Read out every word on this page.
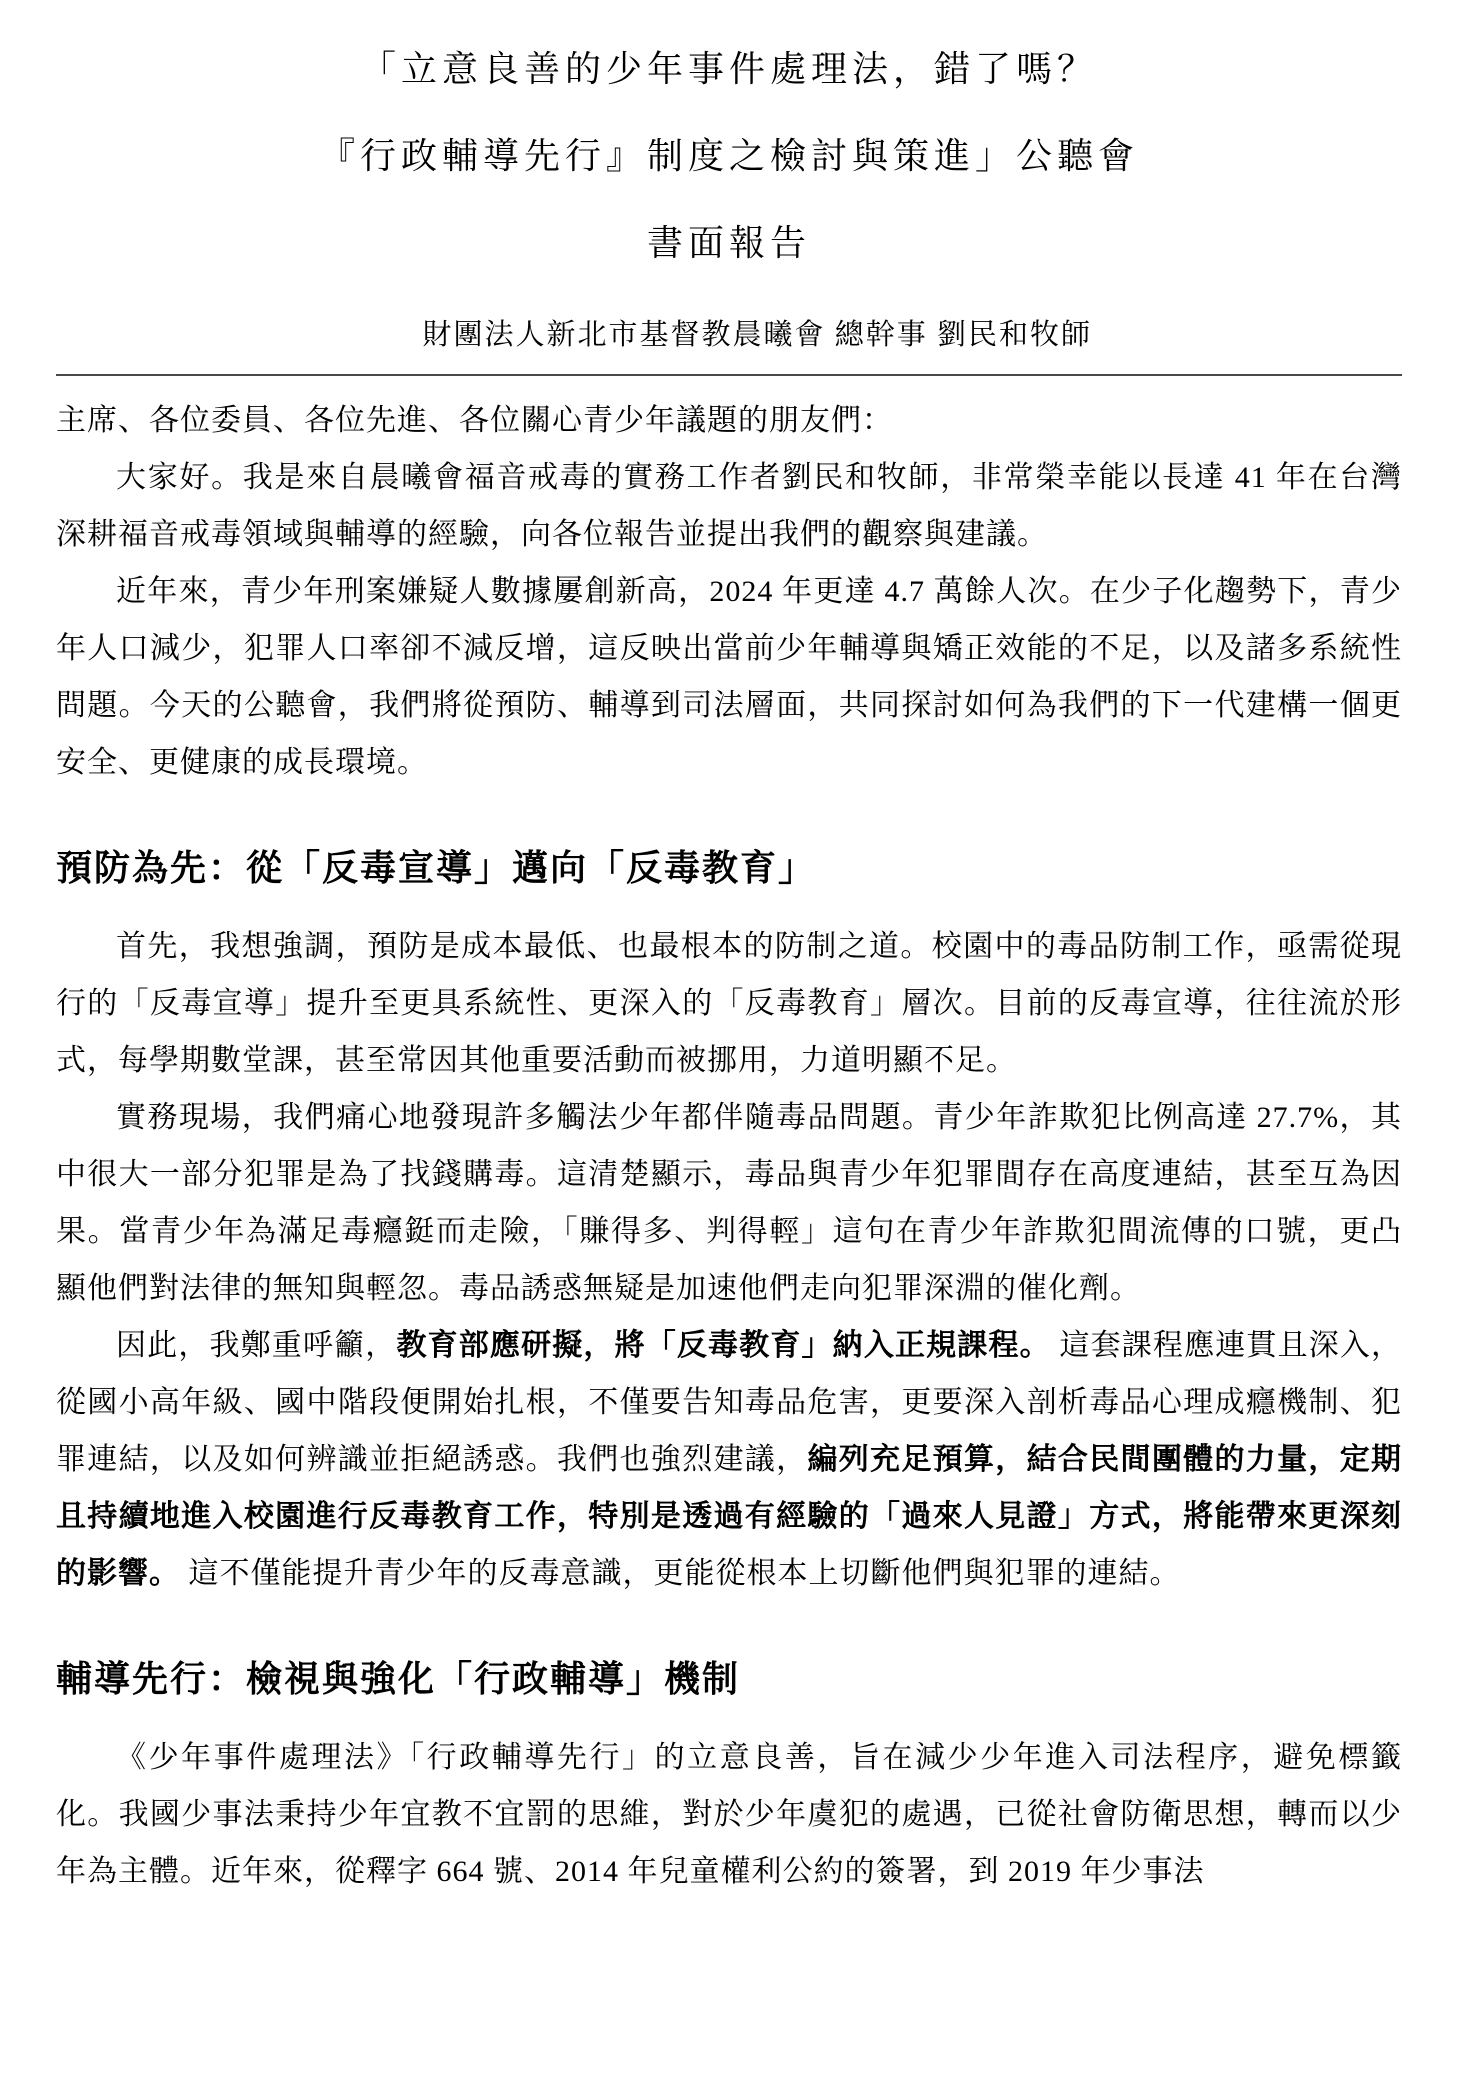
「立意良善的少年事件處理法，錯了嗎？
『行政輔導先行』制度之檢討與策進」公聽會
書面報告
財團法人新北市基督教晨曦會 總幹事 劉民和牧師

主席、各位委員、各位先進、各位關心青少年議題的朋友們：

大家好。我是來自晨曦會福音戒毒的實務工作者劉民和牧師，非常榮幸能以長達 41 年在台灣深耕福音戒毒領域與輔導的經驗，向各位報告並提出我們的觀察與建議。

近年來，青少年刑案嫌疑人數據屢創新高，2024 年更達 4.7 萬餘人次。在少子化趨勢下，青少年人口減少，犯罪人口率卻不減反增，這反映出當前少年輔導與矯正效能的不足，以及諸多系統性問題。今天的公聽會，我們將從預防、輔導到司法層面，共同探討如何為我們的下一代建構一個更安全、更健康的成長環境。

預防為先：從「反毒宣導」邁向「反毒教育」

首先，我想強調，預防是成本最低、也最根本的防制之道。校園中的毒品防制工作，亟需從現行的「反毒宣導」提升至更具系統性、更深入的「反毒教育」層次。目前的反毒宣導，往往流於形式，每學期數堂課，甚至常因其他重要活動而被挪用，力道明顯不足。

實務現場，我們痛心地發現許多觸法少年都伴隨毒品問題。青少年詐欺犯比例高達 27.7%，其中很大一部分犯罪是為了找錢購毒。這清楚顯示，毒品與青少年犯罪間存在高度連結，甚至互為因果。當青少年為滿足毒癮鋌而走險，「賺得多、判得輕」這句在青少年詐欺犯間流傳的口號，更凸顯他們對法律的無知與輕忽。毒品誘惑無疑是加速他們走向犯罪深淵的催化劑。

因此，我鄭重呼籲，教育部應研擬，將「反毒教育」納入正規課程。 這套課程應連貫且深入，從國小高年級、國中階段便開始扎根，不僅要告知毒品危害，更要深入剖析毒品心理成癮機制、犯罪連結，以及如何辨識並拒絕誘惑。我們也強烈建議，編列充足預算，結合民間團體的力量，定期且持續地進入校園進行反毒教育工作，特別是透過有經驗的「過來人見證」方式，將能帶來更深刻的影響。 這不僅能提升青少年的反毒意識，更能從根本上切斷他們與犯罪的連結。

輔導先行：檢視與強化「行政輔導」機制

《少年事件處理法》「行政輔導先行」的立意良善，旨在減少少年進入司法程序，避免標籤化。我國少事法秉持少年宜教不宜罰的思維，對於少年虞犯的處遇，已從社會防衛思想，轉而以少年為主體。近年來，從釋字 664 號、2014 年兒童權利公約的簽署，到 2019 年少事法
